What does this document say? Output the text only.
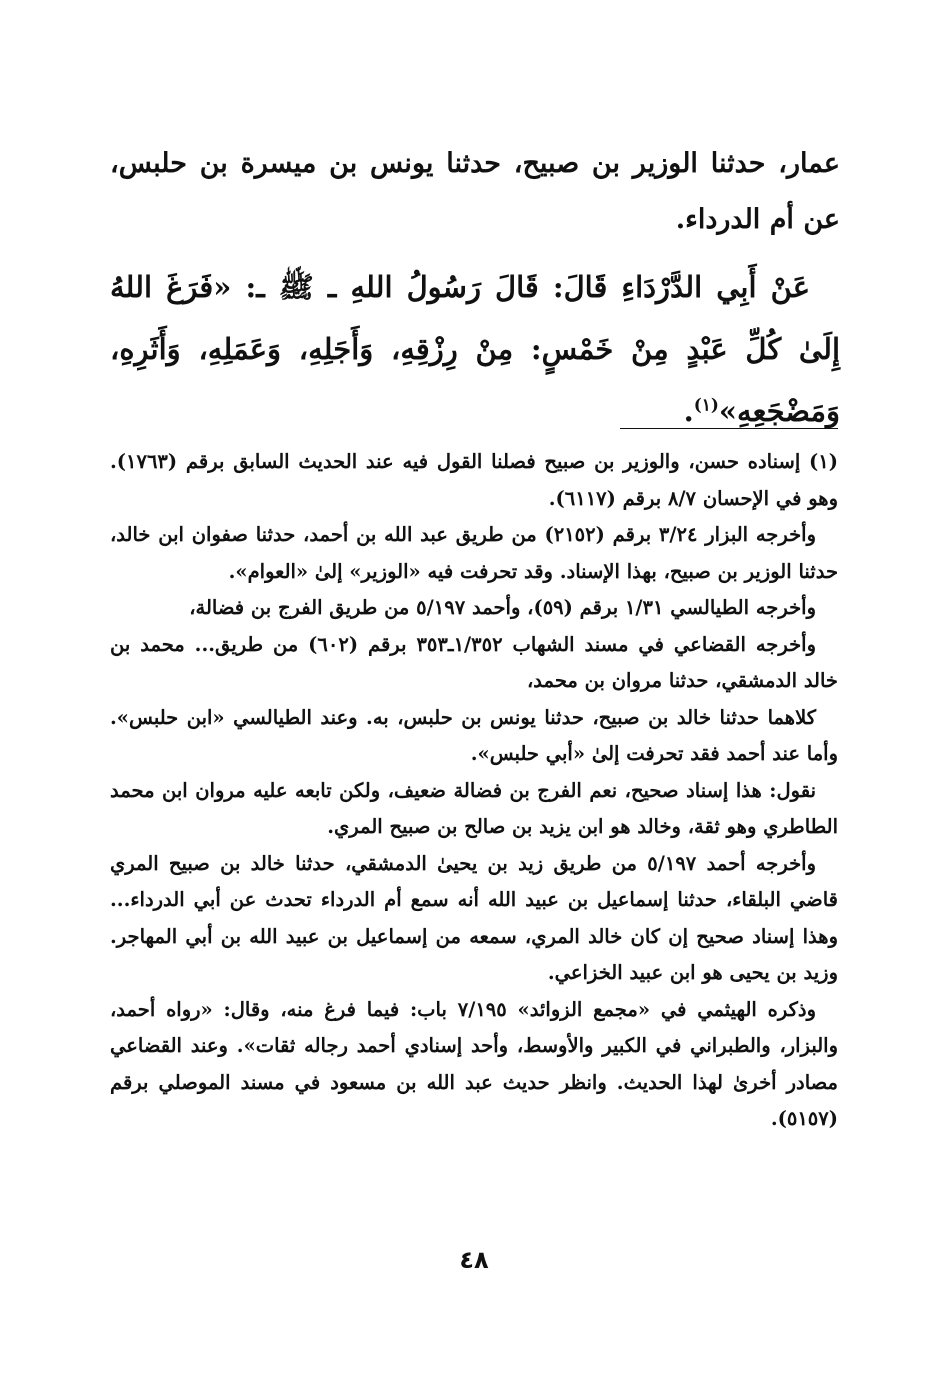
عمار، حدثنا الوزير بن صبيح، حدثنا يونس بن ميسرة بن حلبس، عن أم الدرداء.

عَنْ أَبِي الدَّرْدَاءِ قَالَ: قَالَ رَسُولُ اللهِ ـ ﷺ ـ: «فَرَغَ اللهُ إِلَىٰ كُلِّ عَبْدٍ مِنْ خَمْسٍ: مِنْ رِزْقِهِ، وَأَجَلِهِ، وَعَمَلِهِ، وَأَثَرِهِ، وَمَضْجَعِهِ»$^{(١)}$.

(١) إسناده حسن، والوزير بن صبيح فصلنا القول فيه عند الحديث السابق برقم (١٧٦٣). وهو في الإحسان ٨/٧ برقم (٦١١٧).

وأخرجه البزار ٣/٢٤ برقم (٢١٥٢) من طريق عبد الله بن أحمد، حدثنا صفوان ابن خالد، حدثنا الوزير بن صبيح، بهذا الإسناد. وقد تحرفت فيه «الوزير» إلىٰ «العوام».

وأخرجه الطيالسي ١/٣١ برقم (٥٩)، وأحمد ٥/١٩٧ من طريق الفرج بن فضالة،

وأخرجه القضاعي في مسند الشهاب ١/٣٥٢ـ٣٥٣ برقم (٦٠٢) من طريق... محمد بن خالد الدمشقي، حدثنا مروان بن محمد،

كلاهما حدثنا خالد بن صبيح، حدثنا يونس بن حلبس، به. وعند الطيالسي «ابن حلبس». وأما عند أحمد فقد تحرفت إلىٰ «أبي حلبس».

نقول: هذا إسناد صحيح، نعم الفرج بن فضالة ضعيف، ولكن تابعه عليه مروان ابن محمد الطاطري وهو ثقة، وخالد هو ابن يزيد بن صالح بن صبيح المري.

وأخرجه أحمد ٥/١٩٧ من طريق زيد بن يحيىٰ الدمشقي، حدثنا خالد بن صبيح المري قاضي البلقاء، حدثنا إسماعيل بن عبيد الله أنه سمع أم الدرداء تحدث عن أبي الدرداء... وهذا إسناد صحيح إن كان خالد المري، سمعه من إسماعيل بن عبيد الله بن أبي المهاجر. وزيد بن يحيى هو ابن عبيد الخزاعي.

وذكره الهيثمي في «مجمع الزوائد» ٧/١٩٥ باب: فيما فرغ منه، وقال: «رواه أحمد، والبزار، والطبراني في الكبير والأوسط، وأحد إسنادي أحمد رجاله ثقات». وعند القضاعي مصادر أخرىٰ لهذا الحديث. وانظر حديث عبد الله بن مسعود في مسند الموصلي برقم (٥١٥٧).

٤٨
